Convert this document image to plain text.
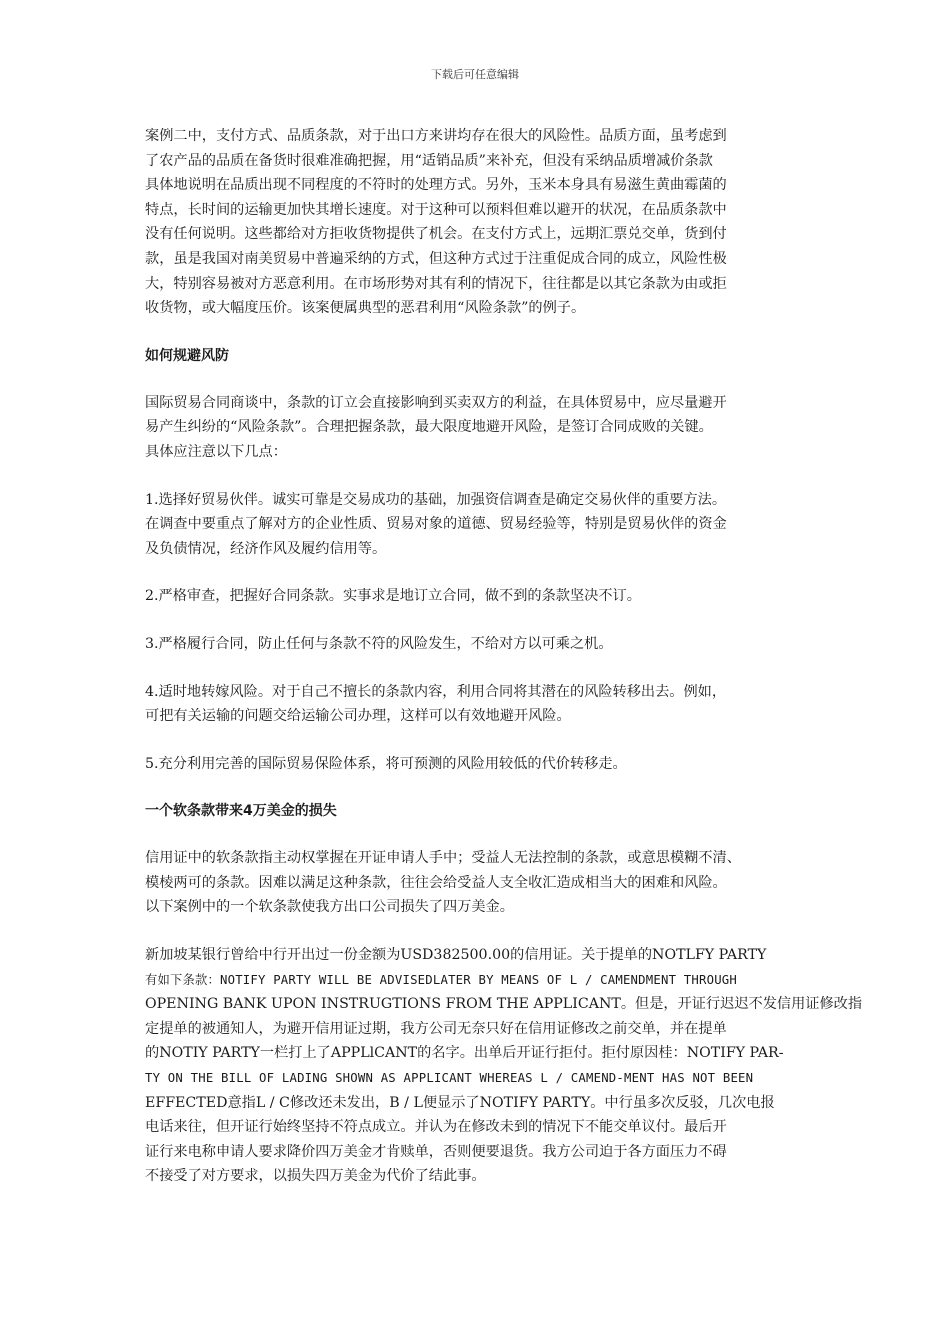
下载后可任意编辑
案例二中，支付方式、品质条款，对于出口方来讲均存在很大的风险性。品质方面，虽考虑到
了农产品的品质在备货时很难准确把握，用“适销品质”来补充，但没有采纳品质增减价条款
具体地说明在品质出现不同程度的不符时的处理方式。另外，玉米本身具有易滋生黄曲霉菌的
特点，长时间的运输更加快其增长速度。对于这种可以预料但难以避开的状况，在品质条款中
没有任何说明。这些都给对方拒收货物提供了机会。在支付方式上，远期汇票兑交单，货到付
款，虽是我国对南美贸易中普遍采纳的方式，但这种方式过于注重促成合同的成立，风险性极
大，特别容易被对方恶意利用。在市场形势对其有利的情况下，往往都是以其它条款为由或拒
收货物，或大幅度压价。该案便属典型的恶君利用“风险条款”的例子。
如何规避风防
国际贸易合同商谈中，条款的订立会直接影响到买卖双方的利益，在具体贸易中，应尽量避开
易产生纠纷的“风险条款”。合理把握条款，最大限度地避开风险，是签订合同成败的关键。
具体应注意以下几点：
1.选择好贸易伙伴。诚实可靠是交易成功的基础，加强资信调查是确定交易伙伴的重要方法。
在调查中要重点了解对方的企业性质、贸易对象的道德、贸易经验等，特别是贸易伙伴的资金
及负债情况，经济作风及履约信用等。
2.严格审查，把握好合同条款。实事求是地订立合同，做不到的条款坚决不订。
3.严格履行合同，防止任何与条款不符的风险发生，不给对方以可乘之机。
4.适时地转嫁风险。对于自己不擅长的条款内容，利用合同将其潜在的风险转移出去。例如，
可把有关运输的问题交给运输公司办理，这样可以有效地避开风险。
5.充分利用完善的国际贸易保险体系，将可预测的风险用较低的代价转移走。
一个软条款带来4万美金的损失
信用证中的软条款指主动权掌握在开证申请人手中；受益人无法控制的条款，或意思模糊不清、
模棱两可的条款。因难以满足这种条款，往往会给受益人支全收汇造成相当大的困难和风险。
以下案例中的一个软条款使我方出口公司损失了四万美金。
新加坡某银行曾给中行开出过一份金额为USD382500.00的信用证。关于提单的NOTLFY PARTY
有如下条款：NOTIFY PARTY WILL BE ADVISEDLATER BY MEANS OF L / CAMENDMENT THROUGH
OPENING BANK UPON INSTRUGTIONS FROM THE APPLICANT。但是，开证行迟迟不发信用证修改指
定提单的被通知人，为避开信用证过期，我方公司无奈只好在信用证修改之前交单，并在提单
的NOTIY PARTY一栏打上了APPLlCANT的名字。出单后开证行拒付。拒付原因桂：NOTIFY PAR-
TY ON THE BILL OF LADING SHOWN AS APPLICANT WHEREAS L / CAMEND-MENT HAS NOT BEEN
EFFECTED意指L / C修改还未发出，B / L便显示了NOTIFY PARTY。中行虽多次反驳，几次电报
电话来往，但开证行始终坚持不符点成立。并认为在修改未到的情况下不能交单议付。最后开
证行来电称申请人要求降价四万美金才肯赎单，否则便要退货。我方公司迫于各方面压力不碍
不接受了对方要求，以损失四万美金为代价了结此事。
